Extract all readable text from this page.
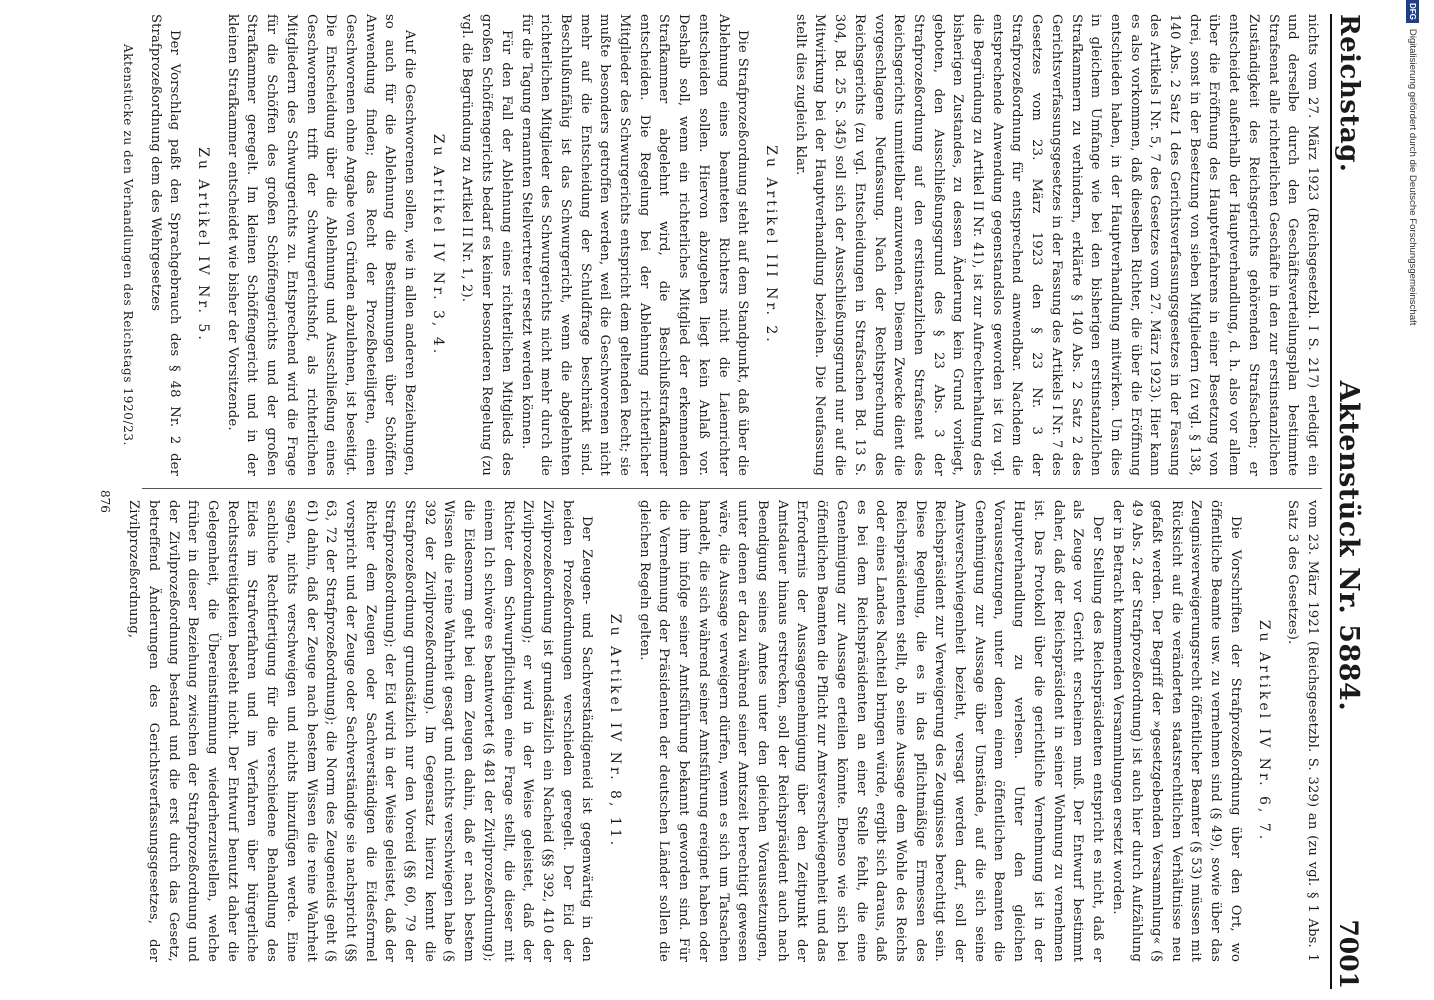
Reichstag.
Aktenstück Nr. 5884.
7001

nichts vom 27. März 1923 (Reichsgesetzbl. I S. 217) erledigt ein und derselbe durch den Geschäftsverteilungsplan bestimmte Strafsenat alle richterlichen Geschäfte in den zur erstinstanzlichen Zuständigkeit des Reichsgerichts gehörenden Strafsachen; er entscheidet außerhalb der Hauptverhandlung, d. h. also vor allem über die Eröffnung des Hauptverfahrens in einer Besetzung von drei, sonst in der Besetzung von sieben Mitgliedern (zu vgl. § 138, 140 Abs. 2 Satz 1 des Gerichtsverfassungsgesetzes in der Fassung des Artikels I Nr. 5, 7 des Gesetzes vom 27. März 1923). Hier kann es also vorkommen, daß dieselben Richter, die über die Eröffnung entschieden haben, in der Hauptverhandlung mitwirken. Um dies in gleichem Umfange wie bei den bisherigen erstinstanzlichen Strafkammern zu verhindern, erklärte § 140 Abs. 2 Satz 2 des Gerichtsverfassungsgesetzes in der Fassung des Artikels I Nr. 7 des Gesetzes vom 23. März 1923 den § 23 Nr. 3 der Strafprozeßordnung für entsprechend anwendbar. Nachdem die entsprechende Anwendung gegenstandslos geworden ist (zu vgl. die Begründung zu Artikel II Nr. 41), ist zur Aufrechterhaltung des bisherigen Zustandes, zu dessen Änderung kein Grund vorliegt, geboten, den Ausschließungsgrund des § 23 Abs. 3 der Strafprozeßordnung auf den erstinstanzlichen Strafsenat des Reichsgerichts unmittelbar anzuwenden. Diesem Zwecke dient die vorgeschlagene Neufassung. Nach der Rechtsprechung des Reichsgerichts (zu vgl. Entscheidungen in Strafsachen Bd. 13 S. 304, Bd. 25 S. 345) soll sich der Ausschließungsgrund nur auf die Mitwirkung bei der Hauptverhandlung beziehen. Die Neufassung stellt dies zugleich klar.

Zu Artikel III Nr. 2.

Die Strafprozeßordnung steht auf dem Standpunkt, daß über die Ablehnung eines beamteten Richters nicht die Laienrichter entscheiden sollen. Hiervon abzugehen liegt kein Anlaß vor. Deshalb soll, wenn ein richterliches Mitglied der erkennenden Strafkammer abgelehnt wird, die Beschlußstrafkammer entscheiden. Die Regelung bei der Ablehnung richterlicher Mitglieder des Schwurgerichts entspricht dem geltenden Recht; sie mußte besonders getroffen werden, weil die Geschworenen nicht mehr auf die Entscheidung der Schuldfrage beschränkt sind. Beschlußunfähig ist das Schwurgericht, wenn die abgelehnten richterlichen Mitglieder des Schwurgerichts nicht mehr durch die für die Tagung ernannten Stellvertreter ersetzt werden können.

Für den Fall der Ablehnung eines richterlichen Mitglieds des großen Schöffengerichts bedarf es keiner besonderen Regelung (zu vgl. die Begründung zu Artikel II Nr. 1, 2).

Zu Artikel IV Nr. 3, 4.

Auf die Geschworenen sollen, wie in allen anderen Beziehungen, so auch für die Ablehnung die Bestimmungen über Schöffen Anwendung finden; das Recht der Prozeßbeteiligten, einen Geschworenen ohne Angabe von Gründen abzulehnen, ist beseitigt. Die Entscheidung über die Ablehnung und Ausschließung eines Geschworenen trifft der Schwurgerichtshof, als richterlichen Mitgliedern des Schwurgerichts zu. Entsprechend wird die Frage für die Schöffen des großen Schöffengerichts und der großen Strafkammer geregelt. Im kleinen Schöffengericht und in der kleinen Strafkammer entscheidet wie bisher der Vorsitzende.

Zu Artikel IV Nr. 5.

Der Vorschlag paßt den Sprachgebrauch des § 48 Nr. 2 der Strafprozeßordnung dem des Wehrgesetzes

Aktenstücke zu den Verhandlungen des Reichstags 1920/23.

vom 23. März 1921 (Reichsgesetzbl. S. 329) an (zu vgl. § 1 Abs. 1 Satz 3 des Gesetzes).

Zu Artikel IV Nr. 6, 7.

Die Vorschriften der Strafprozeßordnung über den Ort, wo öffentliche Beamte usw. zu vernehmen sind (§ 49), sowie über das Zeugnisverweigerungsrecht öffentlicher Beamter (§ 53) müssen mit Rücksicht auf die veränderten staatsrechtlichen Verhältnisse neu gefaßt werden. Der Begriff der »gesetzgebenden Versammlung« (§ 49 Abs. 2 der Strafprozeßordnung) ist auch hier durch Aufzählung der in Betracht kommenden Versammlungen ersetzt worden.

Der Stellung des Reichspräsidenten entspricht es nicht, daß er als Zeuge vor Gericht erscheinen muß. Der Entwurf bestimmt daher, daß der Reichspräsident in seiner Wohnung zu vernehmen ist. Das Protokoll über die gerichtliche Vernehmung ist in der Hauptverhandlung zu verlesen. Unter den gleichen Voraussetzungen, unter denen einem öffentlichen Beamten die Genehmigung zur Aussage über Umstände, auf die sich seine Amtsverschwiegenheit bezieht, versagt werden darf, soll der Reichspräsident zur Verweigerung des Zeugnisses berechtigt sein. Diese Regelung, die es in das pflichtmäßige Ermessen des Reichspräsidenten stellt, ob seine Aussage dem Wohle des Reichs oder eines Landes Nachteil bringen würde, ergibt sich daraus, daß es bei dem Reichspräsidenten an einer Stelle fehlt, die eine Genehmigung zur Aussage erteilen könnte. Ebenso wie sich bei öffentlichen Beamten die Pflicht zur Amtsverschwiegenheit und das Erfordernis der Aussagegenehmigung über den Zeitpunkt der Amtsdauer hinaus erstrecken, soll der Reichspräsident auch nach Beendigung seines Amtes unter den gleichen Voraussetzungen, unter denen er dazu während seiner Amtszeit berechtigt gewesen wäre, die Aussage verweigern dürfen, wenn es sich um Tatsachen handelt, die sich während seiner Amtsführung ereignet haben oder die ihm infolge seiner Amtsführung bekannt geworden sind. Für die Vernehmung der Präsidenten der deutschen Länder sollen die gleichen Regeln gelten.

Zu Artikel IV Nr. 8, 11.

Der Zeugen- und Sachverständigeneid ist gegenwärtig in den beiden Prozeßordnungen verschieden geregelt. Der Eid der Zivilprozeßordnung ist grundsätzlich ein Nacheid (§§ 392, 410 der Zivilprozeßordnung); er wird in der Weise geleistet, daß der Richter dem Schwurpflichtigen eine Frage stellt, die dieser mit einem Ich schwöre es beantwortet (§ 481 der Zivilprozeßordnung); die Eidesnorm geht bei dem Zeugen dahin, daß er nach bestem Wissen die reine Wahrheit gesagt und nichts verschwiegen habe (§ 392 der Zivilprozeßordnung). Im Gegensatz hierzu kennt die Strafprozeßordnung grundsätzlich nur den Voreid (§§ 60, 79 der Strafprozeßordnung); der Eid wird in der Weise geleistet, daß der Richter dem Zeugen oder Sachverständigen die Eidesformel vorspricht und der Zeuge oder Sachverständige sie nachspricht (§§ 63, 72 der Strafprozeßordnung); die Norm des Zeugeneids geht (§ 61) dahin, daß der Zeuge nach bestem Wissen die reine Wahrheit sagen, nichts verschweigen und nichts hinzufügen werde. Eine sachliche Rechtfertigung für die verschiedene Behandlung des Eides im Strafverfahren und im Verfahren über bürgerliche Rechtsstreitigkeiten besteht nicht. Der Entwurf benutzt daher die Gelegenheit, die Übereinstimmung wiederherzustellen, welche früher in dieser Beziehung zwischen der Strafprozeßordnung und der Zivilprozeßordnung bestand und die erst durch das Gesetz, betreffend Änderungen des Gerichtsverfassungsgesetzes, der Zivilprozeßordnung,

876
DFG
Digitalisierung gefördert durch die Deutsche Forschungsgemeinschaft
